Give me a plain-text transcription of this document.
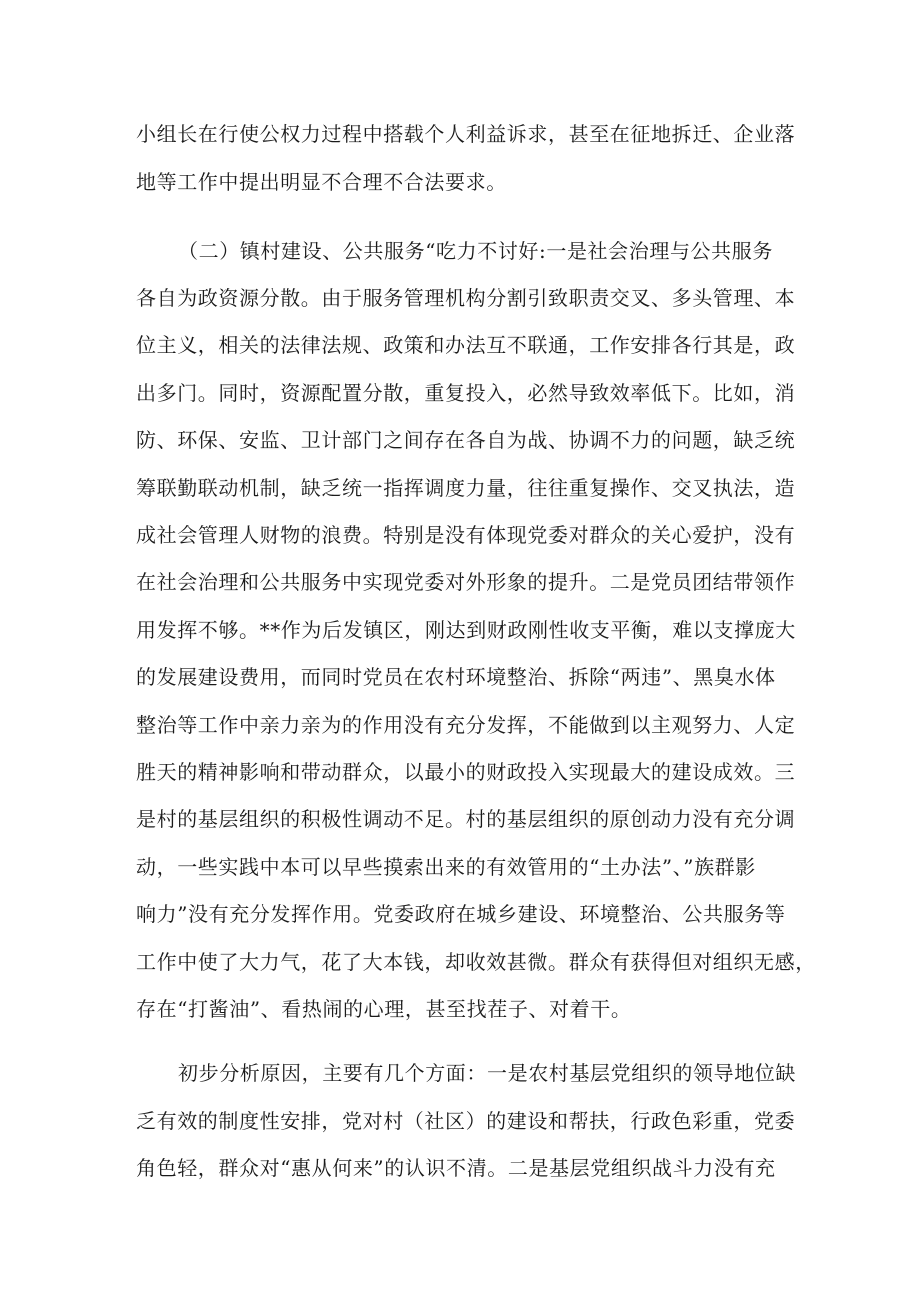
小组长在行使公权力过程中搭载个人利益诉求，甚至在征地拆迁、企业落
地等工作中提出明显不合理不合法要求。
（二）镇村建设、公共服务“吃力不讨好:一是社会治理与公共服务
各自为政资源分散。由于服务管理机构分割引致职责交叉、多头管理、本
位主义，相关的法律法规、政策和办法互不联通，工作安排各行其是，政
出多门。同时，资源配置分散，重复投入，必然导致效率低下。比如，消
防、环保、安监、卫计部门之间存在各自为战、协调不力的问题，缺乏统
筹联勤联动机制，缺乏统一指挥调度力量，往往重复操作、交叉执法，造
成社会管理人财物的浪费。特别是没有体现党委对群众的关心爱护，没有
在社会治理和公共服务中实现党委对外形象的提升。二是党员团结带领作
用发挥不够。**作为后发镇区，刚达到财政刚性收支平衡，难以支撑庞大
的发展建设费用，而同时党员在农村环境整治、拆除“两违”、黑臭水体
整治等工作中亲力亲为的作用没有充分发挥，不能做到以主观努力、人定
胜天的精神影响和带动群众，以最小的财政投入实现最大的建设成效。三
是村的基层组织的积极性调动不足。村的基层组织的原创动力没有充分调
动，一些实践中本可以早些摸索出来的有效管用的“土办法”、”族群影
响力”没有充分发挥作用。党委政府在城乡建设、环境整治、公共服务等
工作中使了大力气，花了大本钱，却收效甚微。群众有获得但对组织无感，
存在“打酱油”、看热闹的心理，甚至找茬子、对着干。
初步分析原因，主要有几个方面：一是农村基层党组织的领导地位缺
乏有效的制度性安排，党对村（社区）的建设和帮扶，行政色彩重，党委
角色轻，群众对“惠从何来”的认识不清。二是基层党组织战斗力没有充
